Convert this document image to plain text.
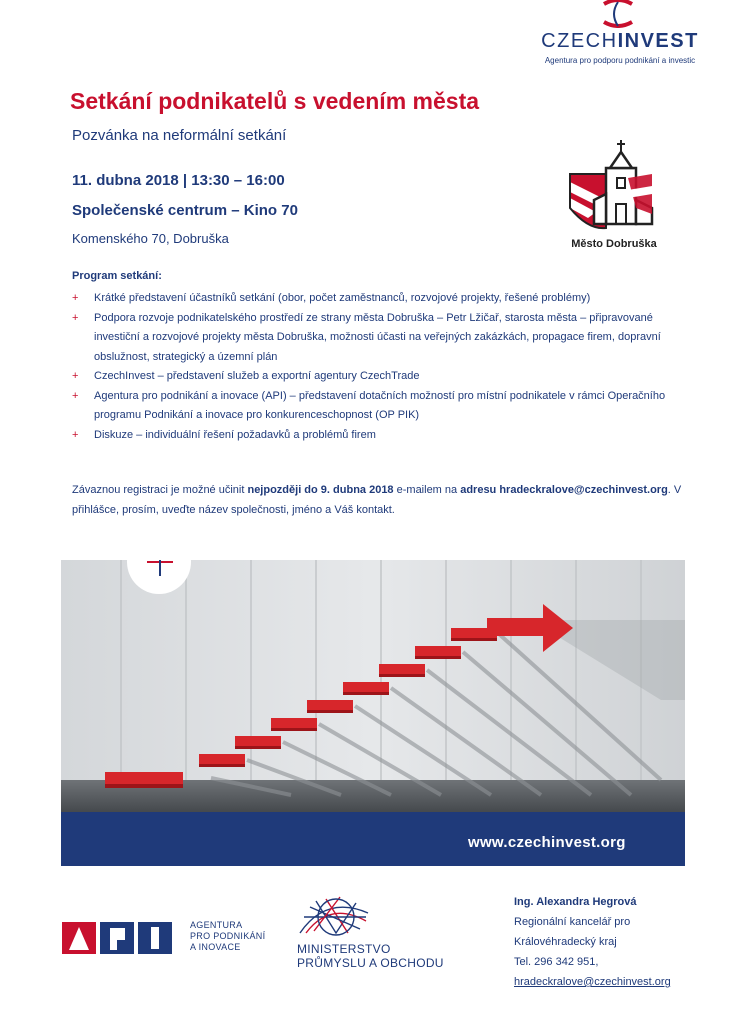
CZECHINVEST
Agentura pro podporu podnikání a investic
Setkání podnikatelů s vedením města
Pozvánka na neformální setkání
11. dubna 2018 | 13:30 – 16:00
Společenské centrum – Kino 70
Komenského 70, Dobruška	Město Dobruška
Program setkání:
+ Krátké představení účastníků setkání (obor, počet zaměstnanců, rozvojové projekty, řešené problémy)
+ Podpora rozvoje podnikatelského prostředí ze strany města Dobruška – Petr Lžičař, starosta města – připravované investiční a rozvojové projekty města Dobruška, možnosti účasti na veřejných zakázkách, propagace firem, dopravní obslužnost, strategický a územní plán
+ CzechInvest – představení služeb a exportní agentury CzechTrade
+ Agentura pro podnikání a inovace (API) – představení dotačních možností pro místní podnikatele v rámci Operačního programu Podnikání a inovace pro konkurenceschopnost (OP PIK)
+ Diskuze – individuální řešení požadavků a problémů firem
Závaznou registraci je možné učinit nejpozději do 9. dubna 2018 e-mailem na adresu hradeckralove@czechinvest.org. V přihlášce, prosím, uveďte název společnosti, jméno a Váš kontakt.
www.czechinvest.org
AGENTURA
PRO PODNIKÁNÍ
A INOVACE	MINISTERSTVO
PRŮMYSLU A OBCHODU
Ing. Alexandra Hegrová
Regionální kancelář pro
Královéhradecký kraj
Tel. 296 342 951,
hradeckralove@czechinvest.org
